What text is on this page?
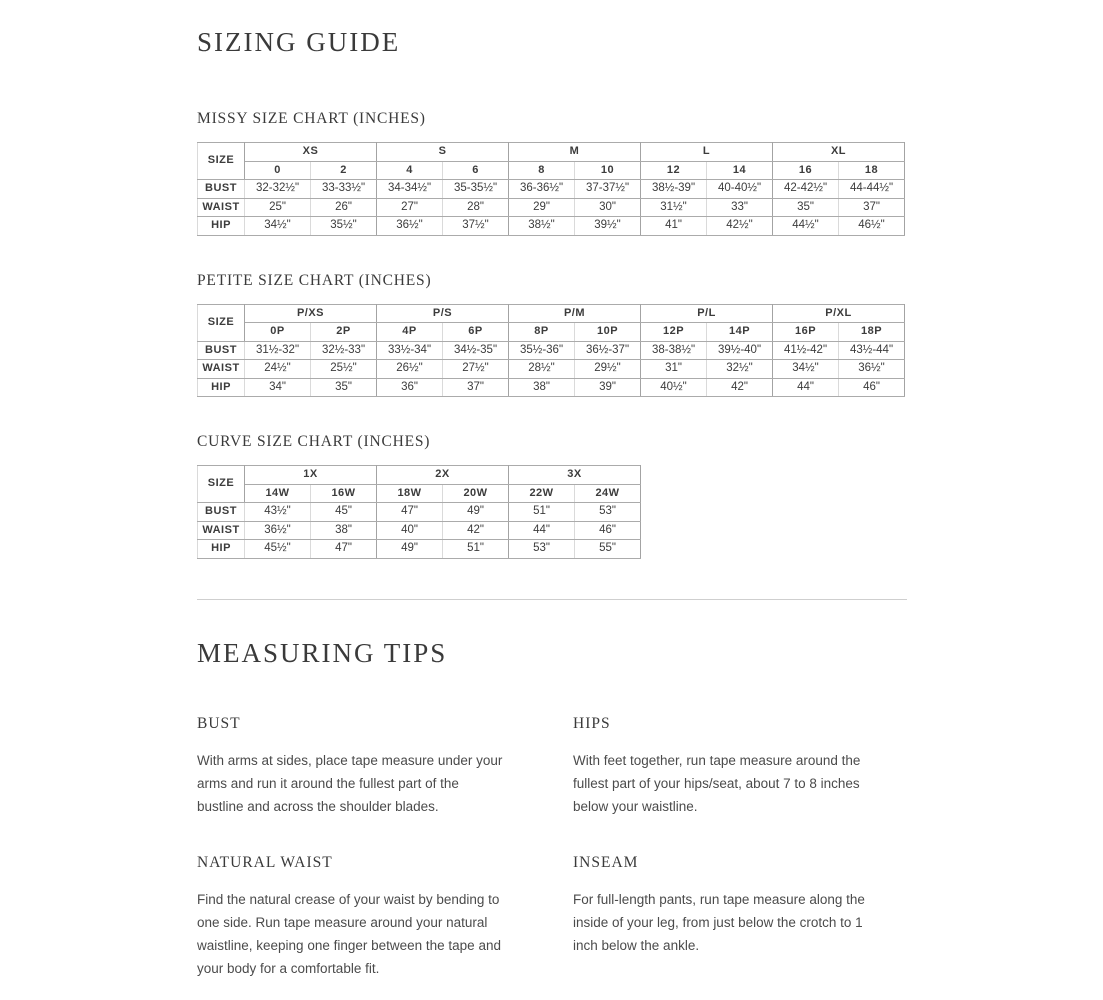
SIZING GUIDE
MISSY SIZE CHART (INCHES)
SIZE	XS		S		M		L		XL	
	0	2	4	6	8	10	12	14	16	18
BUST	32-32½"	33-33½"	34-34½"	35-35½"	36-36½"	37-37½"	38½-39"	40-40½"	42-42½"	44-44½"
WAIST	25"	26"	27"	28"	29"	30"	31½"	33"	35"	37"
HIP	34½"	35½"	36½"	37½"	38½"	39½"	41"	42½"	44½"	46½"
PETITE SIZE CHART (INCHES)
SIZE	P/XS		P/S		P/M		P/L		P/XL	
	0P	2P	4P	6P	8P	10P	12P	14P	16P	18P
BUST	31½-32"	32½-33"	33½-34"	34½-35"	35½-36"	36½-37"	38-38½"	39½-40"	41½-42"	43½-44"
WAIST	24½"	25½"	26½"	27½"	28½"	29½"	31"	32½"	34½"	36½"
HIP	34"	35"	36"	37"	38"	39"	40½"	42"	44"	46"
CURVE SIZE CHART (INCHES)
SIZE	1X		2X		3X	
	14W	16W	18W	20W	22W	24W
BUST	43½"	45"	47"	49"	51"	53"
WAIST	36½"	38"	40"	42"	44"	46"
HIP	45½"	47"	49"	51"	53"	55"
MEASURING TIPS
BUST

With arms at sides, place tape measure under your arms and run it around the fullest part of the bustline and across the shoulder blades.

HIPS

With feet together, run tape measure around the fullest part of your hips/seat, about 7 to 8 inches below your waistline.

NATURAL WAIST

Find the natural crease of your waist by bending to one side. Run tape measure around your natural waistline, keeping one finger between the tape and your body for a comfortable fit.

INSEAM

For full-length pants, run tape measure along the inside of your leg, from just below the crotch to 1 inch below the ankle.
